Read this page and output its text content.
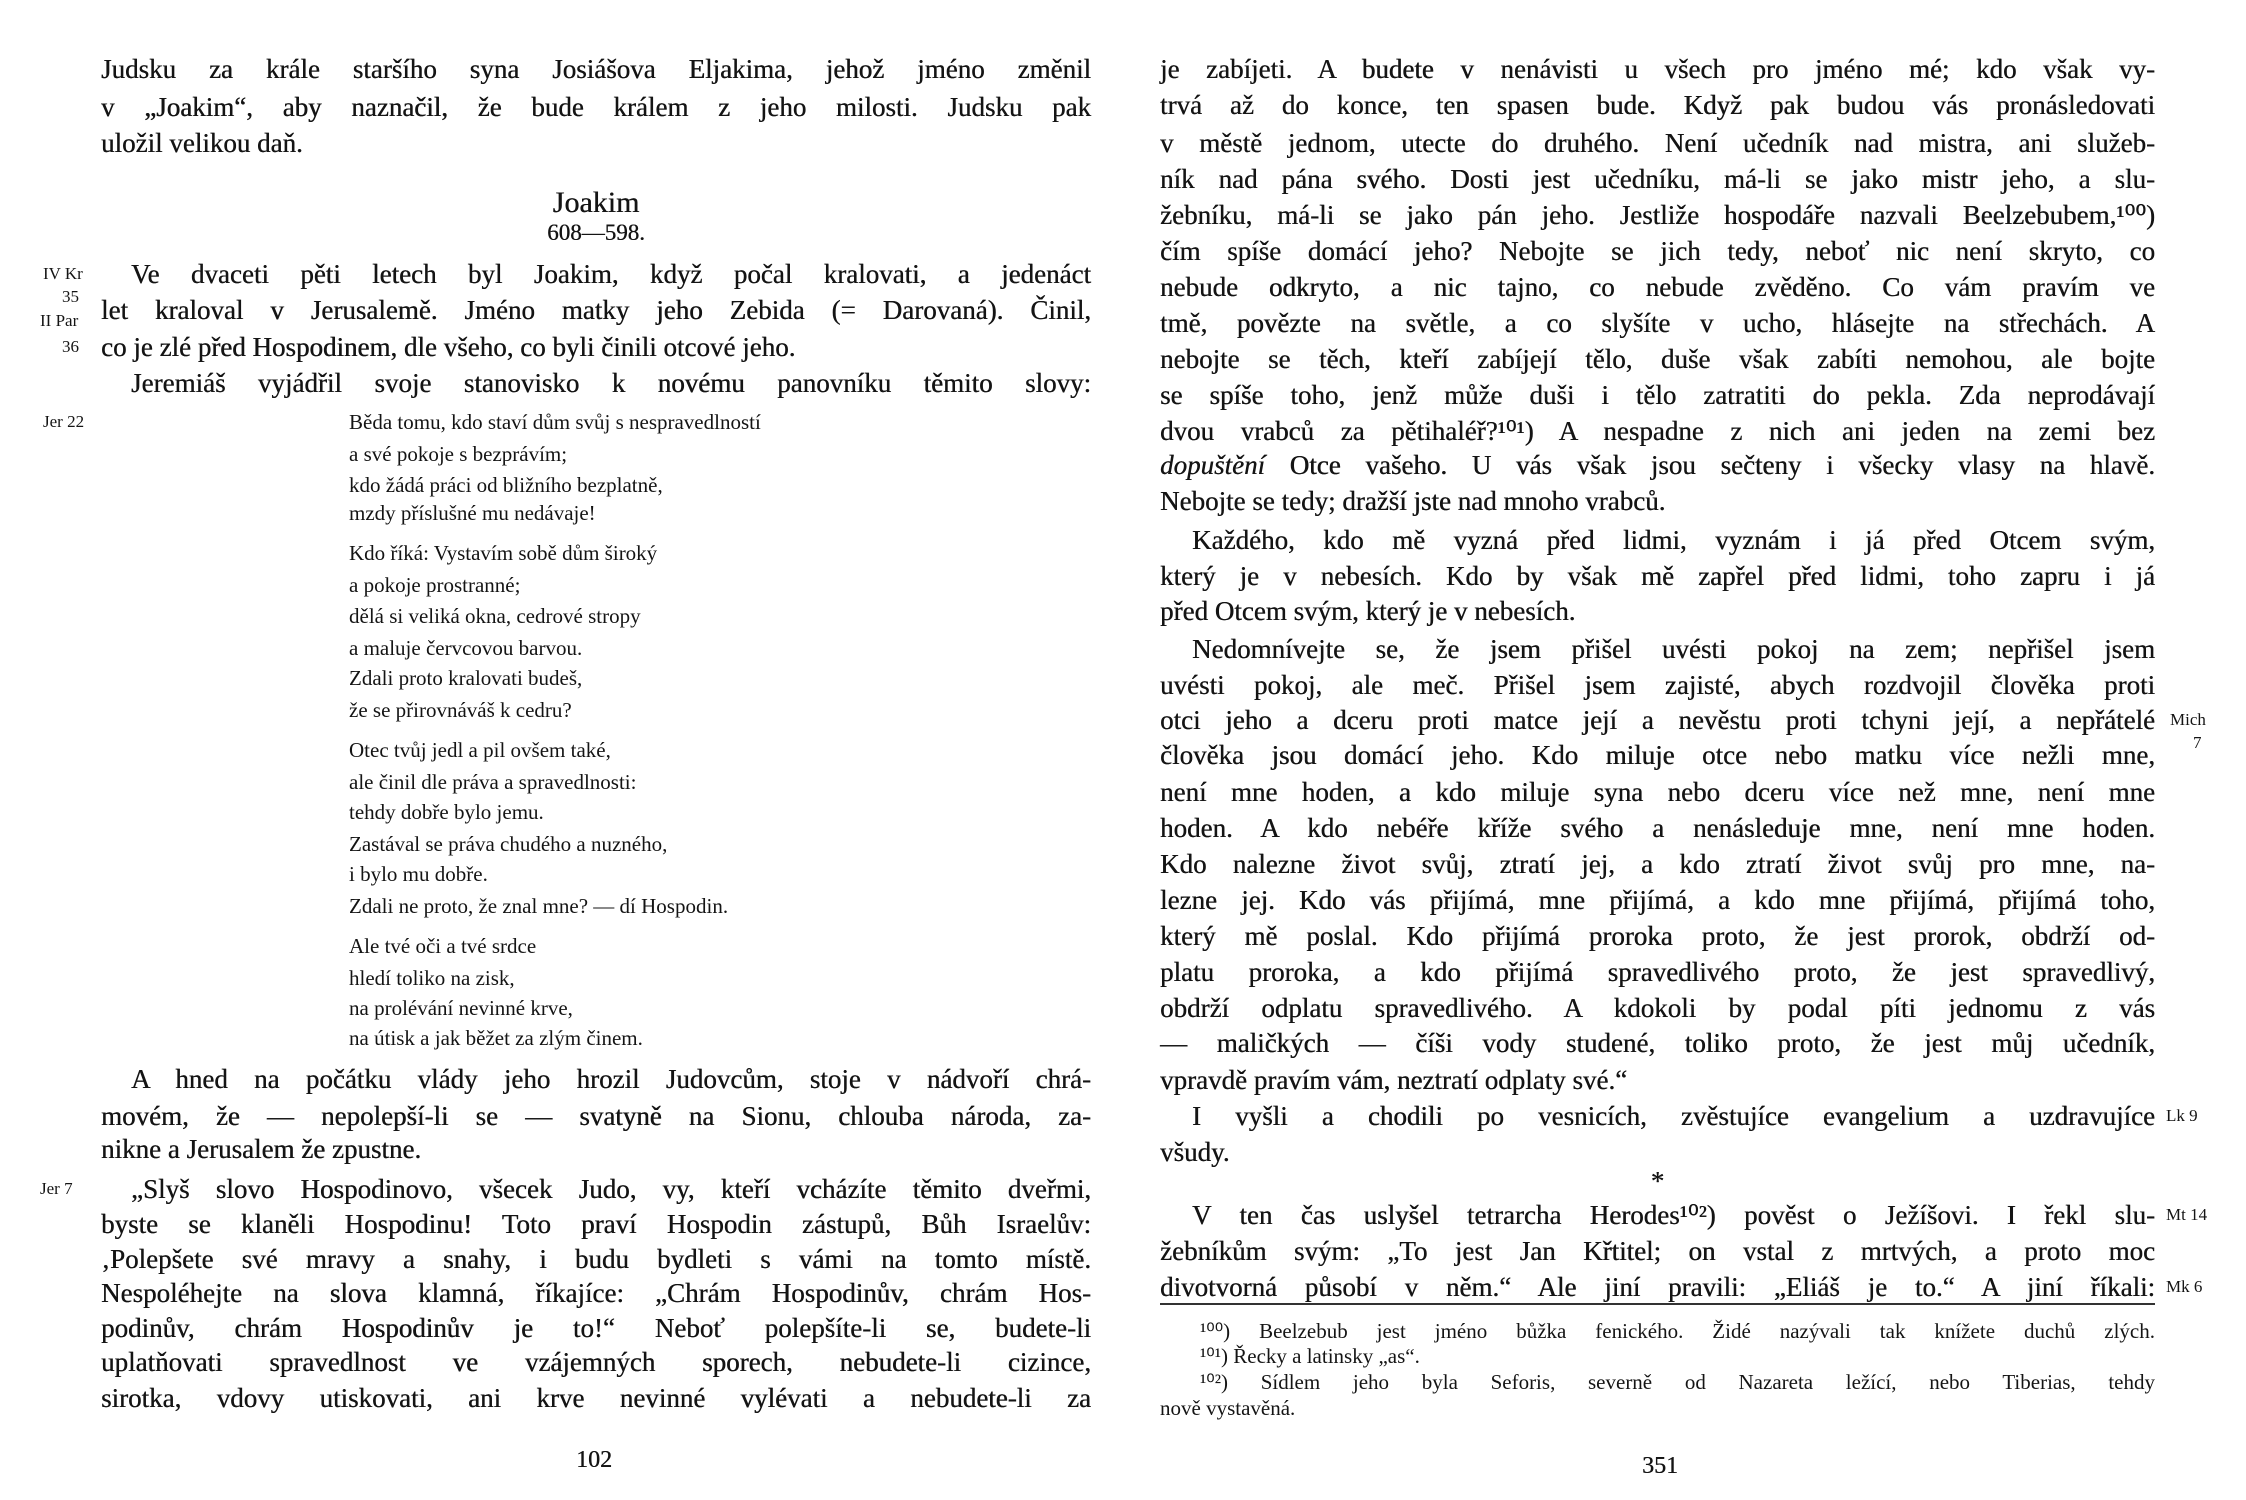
Judsku za krále staršího syna Josiášova Eljakima, jehož jméno změnil
v „Joakim“, aby naznačil, že bude králem z jeho milosti. Judsku pak
uložil velikou daň.
Joakim
608—598.
Ve dvaceti pěti letech byl Joakim, když počal kralovati, a jedenáct
let kraloval v Jerusalemě. Jméno matky jeho Zebida (= Darovaná). Činil,
co je zlé před Hospodinem, dle všeho, co byli činili otcové jeho.
Jeremiáš vyjádřil svoje stanovisko k novému panovníku těmito slovy:
Běda tomu, kdo staví dům svůj s nespravedlností
a své pokoje s bezprávím;
kdo žádá práci od bližního bezplatně,
mzdy příslušné mu nedávaje!
Kdo říká: Vystavím sobě dům široký
a pokoje prostranné;
dělá si veliká okna, cedrové stropy
a maluje červcovou barvou.
Zdali proto kralovati budeš,
že se přirovnáváš k cedru?
Otec tvůj jedl a pil ovšem také,
ale činil dle práva a spravedlnosti:
tehdy dobře bylo jemu.
Zastával se práva chudého a nuzného,
i bylo mu dobře.
Zdali ne proto, že znal mne? — dí Hospodin.
Ale tvé oči a tvé srdce
hledí toliko na zisk,
na prolévání nevinné krve,
na útisk a jak běžet za zlým činem.
A hned na počátku vlády jeho hrozil Judovcům, stoje v nádvoří chrá-
movém, že — nepolepší-li se — svatyně na Sionu, chlouba národa, za-
nikne a Jerusalem že zpustne.
„Slyš slovo Hospodinovo, všecek Judo, vy, kteří vcházíte těmito dveřmi,
byste se klaněli Hospodinu! Toto praví Hospodin zástupů, Bůh Israelův:
‚Polepšete své mravy a snahy, i budu bydleti s vámi na tomto místě.
Nespoléhejte na slova klamná, říkajíce: „Chrám Hospodinův, chrám Hos-
podinův, chrám Hospodinův je to!“ Neboť polepšíte-li se, budete-li
uplatňovati spravedlnost ve vzájemných sporech, nebudete-li cizince,
sirotka, vdovy utiskovati, ani krve nevinné vylévati a nebudete-li za
IV Kr
35
II Par
36
Jer 22
Jer 7
102
je zabíjeti. A budete v nenávisti u všech pro jméno mé; kdo však vy-
trvá až do konce, ten spasen bude. Když pak budou vás pronásledovati
v městě jednom, utecte do druhého. Není učedník nad mistra, ani služeb-
ník nad pána svého. Dosti jest učedníku, má-li se jako mistr jeho, a slu-
žebníku, má-li se jako pán jeho. Jestliže hospodáře nazvali Beelzebubem,¹⁰⁰)
čím spíše domácí jeho? Nebojte se jich tedy, neboť nic není skryto, co
nebude odkryto, a nic tajno, co nebude zvěděno. Co vám pravím ve
tmě, povězte na světle, a co slyšíte v ucho, hlásejte na střechách. A
nebojte se těch, kteří zabíjejí tělo, duše však zabíti nemohou, ale bojte
se spíše toho, jenž může duši i tělo zatratiti do pekla. Zda neprodávají
dvou vrabců za pětihaléř?¹⁰¹) A nespadne z nich ani jeden na zemi bez
dopuštění Otce vašeho. U vás však jsou sečteny i všecky vlasy na hlavě.
Nebojte se tedy; dražší jste nad mnoho vrabců.
Každého, kdo mě vyzná před lidmi, vyznám i já před Otcem svým,
který je v nebesích. Kdo by však mě zapřel před lidmi, toho zapru i já
před Otcem svým, který je v nebesích.
Nedomnívejte se, že jsem přišel uvésti pokoj na zem; nepřišel jsem
uvésti pokoj, ale meč. Přišel jsem zajisté, abych rozdvojil člověka proti
otci jeho a dceru proti matce její a nevěstu proti tchyni její, a nepřátelé
člověka jsou domácí jeho. Kdo miluje otce nebo matku více nežli mne,
není mne hoden, a kdo miluje syna nebo dceru více než mne, není mne
hoden. A kdo nebéře kříže svého a nenásleduje mne, není mne hoden.
Kdo nalezne život svůj, ztratí jej, a kdo ztratí život svůj pro mne, na-
lezne jej. Kdo vás přijímá, mne přijímá, a kdo mne přijímá, přijímá toho,
který mě poslal. Kdo přijímá proroka proto, že jest prorok, obdrží od-
platu proroka, a kdo přijímá spravedlivého proto, že jest spravedlivý,
obdrží odplatu spravedlivého. A kdokoli by podal píti jednomu z vás
— maličkých — číši vody studené, toliko proto, že jest můj učedník,
vpravdě pravím vám, neztratí odplaty své.“
I vyšli a chodili po vesnicích, zvěstujíce evangelium a uzdravujíce
všudy.
*
V ten čas uslyšel tetrarcha Herodes¹⁰²) pověst o Ježíšovi. I řekl slu-
žebníkům svým: „To jest Jan Křtitel; on vstal z mrtvých, a proto moc
divotvorná působí v něm.“ Ale jiní pravili: „Eliáš je to.“ A jiní říkali:
¹⁰⁰) Beelzebub jest jméno bůžka fenického. Židé nazývali tak knížete duchů zlých.
¹⁰¹) Řecky a latinsky „as“.
¹⁰²) Sídlem jeho byla Seforis, severně od Nazareta ležící, nebo Tiberias, tehdy
nově vystavěná.
Mich
7
Lk 9
Mt 14
Mk 6
351
